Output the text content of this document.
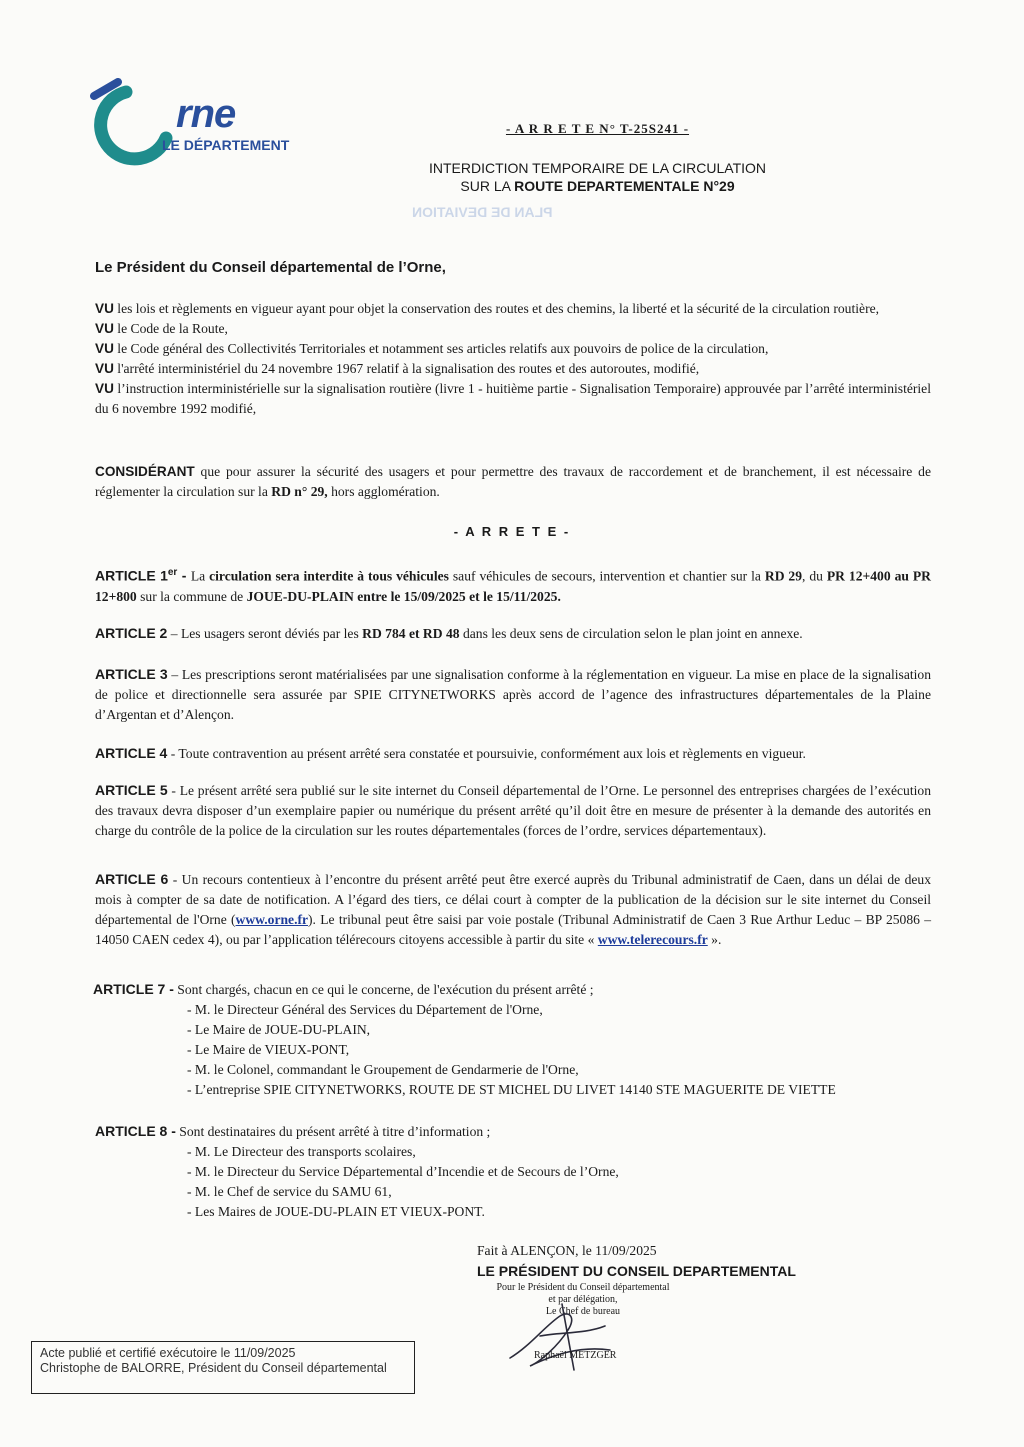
rne
LE DÉPARTEMENT
- A R R E T E N° T-25S241 -
INTERDICTION TEMPORAIRE DE LA CIRCULATION
SUR LA ROUTE DEPARTEMENTALE N°29
PLAN DE DEVIATION
Le Président du Conseil départemental de l’Orne,
VU les lois et règlements en vigueur ayant pour objet la conservation des routes et des chemins, la liberté et la sécurité de la circulation routière,
VU le Code de la Route,
VU le Code général des Collectivités Territoriales et notamment ses articles relatifs aux pouvoirs de police de la circulation,
VU l'arrêté interministériel du 24 novembre 1967 relatif à la signalisation des routes et des autoroutes, modifié,
VU l’instruction interministérielle sur la signalisation routière (livre 1 - huitième partie - Signalisation Temporaire) approuvée par l’arrêté interministériel du 6 novembre 1992 modifié,
CONSIDÉRANT que pour assurer la sécurité des usagers et pour permettre des travaux de raccordement et de branchement, il est nécessaire de réglementer la circulation sur la RD n° 29, hors agglomération.
- A R R E T E -
ARTICLE 1er - La circulation sera interdite à tous véhicules sauf véhicules de secours, intervention et chantier sur la RD 29, du PR 12+400 au PR 12+800 sur la commune de JOUE-DU-PLAIN entre le 15/09/2025 et le 15/11/2025.
ARTICLE 2 – Les usagers seront déviés par les RD 784 et RD 48 dans les deux sens de circulation selon le plan joint en annexe.
ARTICLE 3 – Les prescriptions seront matérialisées par une signalisation conforme à la réglementation en vigueur. La mise en place de la signalisation de police et directionnelle sera assurée par SPIE CITYNETWORKS après accord de l’agence des infrastructures départementales de la Plaine d’Argentan et d’Alençon.
ARTICLE 4 - Toute contravention au présent arrêté sera constatée et poursuivie, conformément aux lois et règlements en vigueur.
ARTICLE 5 - Le présent arrêté sera publié sur le site internet du Conseil départemental de l’Orne. Le personnel des entreprises chargées de l’exécution des travaux devra disposer d’un exemplaire papier ou numérique du présent arrêté qu’il doit être en mesure de présenter à la demande des autorités en charge du contrôle de la police de la circulation sur les routes départementales (forces de l’ordre, services départementaux).
ARTICLE 6 - Un recours contentieux à l’encontre du présent arrêté peut être exercé auprès du Tribunal administratif de Caen, dans un délai de deux mois à compter de sa date de notification. A l’égard des tiers, ce délai court à compter de la publication de la décision sur le site internet du Conseil départemental de l'Orne (www.orne.fr). Le tribunal peut être saisi par voie postale (Tribunal Administratif de Caen 3 Rue Arthur Leduc – BP 25086 – 14050 CAEN cedex 4), ou par l’application télérecours citoyens accessible à partir du site « www.telerecours.fr ».
ARTICLE 7 - Sont chargés, chacun en ce qui le concerne, de l'exécution du présent arrêté ;
- M. le Directeur Général des Services du Département de l'Orne,
- Le Maire de JOUE-DU-PLAIN,
- Le Maire de VIEUX-PONT,
- M. le Colonel, commandant le Groupement de Gendarmerie de l'Orne,
- L’entreprise SPIE CITYNETWORKS, ROUTE DE ST MICHEL DU LIVET 14140 STE MAGUERITE DE VIETTE
ARTICLE 8 - Sont destinataires du présent arrêté à titre d’information ;
- M. Le Directeur des transports scolaires,
- M. le Directeur du Service Départemental d’Incendie et de Secours de l’Orne,
- M. le Chef de service du SAMU 61,
- Les Maires de JOUE-DU-PLAIN ET VIEUX-PONT.
Fait à ALENÇON, le 11/09/2025
LE PRÉSIDENT DU CONSEIL DEPARTEMENTAL
Pour le Président du Conseil départemental
et par délégation,
Le Chef de bureau
Raphaël METZGER
Acte publié et certifié exécutoire le 11/09/2025
Christophe de BALORRE, Président du Conseil départemental
